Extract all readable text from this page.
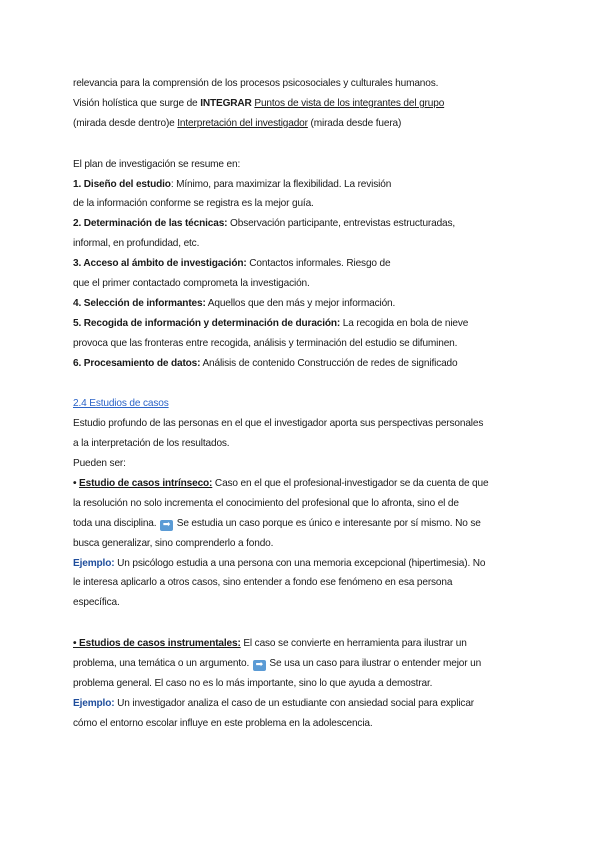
relevancia para la comprensión de los procesos psicosociales y culturales humanos.
Visión holística que surge de INTEGRAR Puntos de vista de los integrantes del grupo
(mirada desde dentro)e Interpretación del investigador (mirada desde fuera)
El plan de investigación se resume en:
1. Diseño del estudio: Mínimo, para maximizar la flexibilidad. La revisión
de la información conforme se registra es la mejor guía.
2. Determinación de las técnicas: Observación participante, entrevistas estructuradas,
informal, en profundidad, etc.
3. Acceso al ámbito de investigación: Contactos informales. Riesgo de
que el primer contactado comprometa la investigación.
4. Selección de informantes: Aquellos que den más y mejor información.
5. Recogida de información y determinación de duración: La recogida en bola de nieve
provoca que las fronteras entre recogida, análisis y terminación del estudio se difuminen.
6. Procesamiento de datos: Análisis de contenido Construcción de redes de significado
2.4 Estudios de casos
Estudio profundo de las personas en el que el investigador aporta sus perspectivas personales
a la interpretación de los resultados.
Pueden ser:
• Estudio de casos intrínseco: Caso en el que el profesional-investigador se da cuenta de que
la resolución no solo incrementa el conocimiento del profesional que lo afronta, sino el de
toda una disciplina. ➡ Se estudia un caso porque es único e interesante por sí mismo. No se
busca generalizar, sino comprenderlo a fondo.
Ejemplo: Un psicólogo estudia a una persona con una memoria excepcional (hipertimesia). No
le interesa aplicarlo a otros casos, sino entender a fondo ese fenómeno en esa persona
específica.
• Estudios de casos instrumentales: El caso se convierte en herramienta para ilustrar un
problema, una temática o un argumento. ➡ Se usa un caso para ilustrar o entender mejor un
problema general. El caso no es lo más importante, sino lo que ayuda a demostrar.
Ejemplo: Un investigador analiza el caso de un estudiante con ansiedad social para explicar
cómo el entorno escolar influye en este problema en la adolescencia.
